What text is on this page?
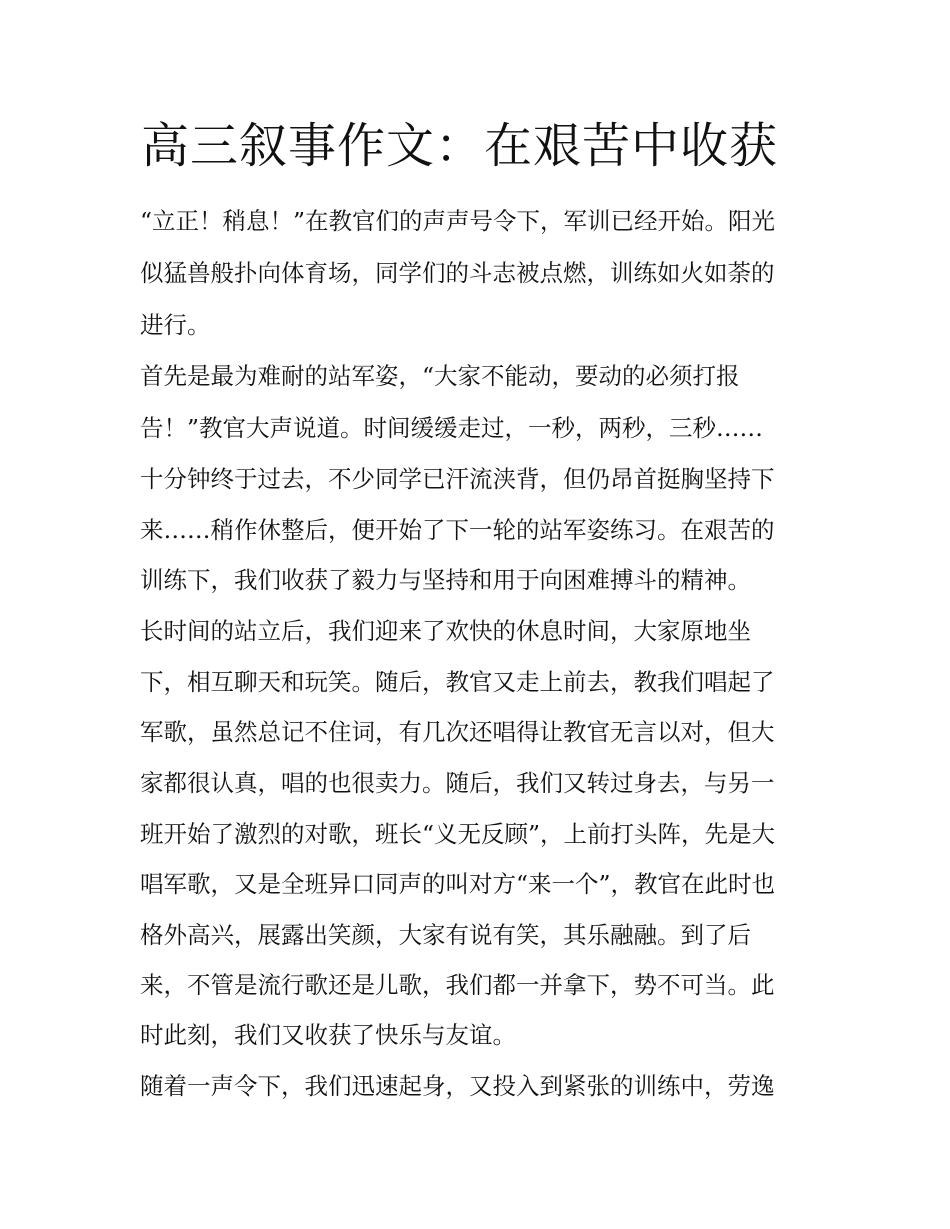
高三叙事作文：在艰苦中收获

“立正！稍息！”在教官们的声声号令下，军训已经开始。阳光

似猛兽般扑向体育场，同学们的斗志被点燃，训练如火如荼的

进行。

首先是最为难耐的站军姿，“大家不能动，要动的必须打报

告！”教官大声说道。时间缓缓走过，一秒，两秒，三秒……

十分钟终于过去，不少同学已汗流浃背，但仍昂首挺胸坚持下

来……稍作休整后，便开始了下一轮的站军姿练习。在艰苦的

训练下，我们收获了毅力与坚持和用于向困难搏斗的精神。

长时间的站立后，我们迎来了欢快的休息时间，大家原地坐

下，相互聊天和玩笑。随后，教官又走上前去，教我们唱起了

军歌，虽然总记不住词，有几次还唱得让教官无言以对，但大

家都很认真，唱的也很卖力。随后，我们又转过身去，与另一

班开始了激烈的对歌，班长“义无反顾”，上前打头阵，先是大

唱军歌，又是全班异口同声的叫对方“来一个”，教官在此时也

格外高兴，展露出笑颜，大家有说有笑，其乐融融。到了后

来，不管是流行歌还是儿歌，我们都一并拿下，势不可当。此

时此刻，我们又收获了快乐与友谊。

随着一声令下，我们迅速起身，又投入到紧张的训练中，劳逸
